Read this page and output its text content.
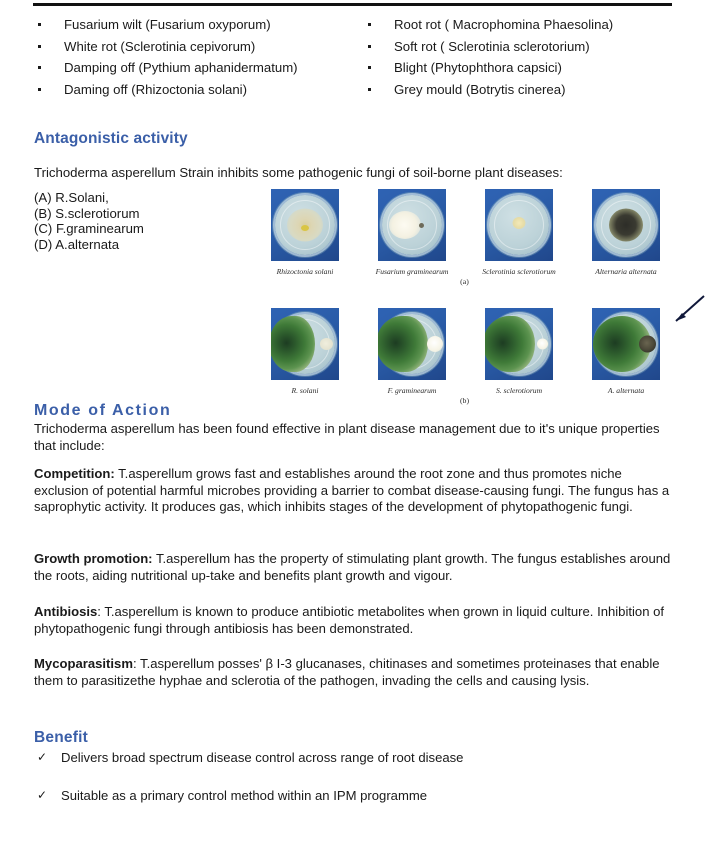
Fusarium wilt (Fusarium oxyporum)
White rot (Sclerotinia cepivorum)
Damping off (Pythium aphanidermatum)
Daming off (Rhizoctonia solani)
Root rot ( Macrophomina Phaesolina)
Soft rot ( Sclerotinia sclerotorium)
Blight (Phytophthora capsici)
Grey mould (Botrytis cinerea)
Antagonistic activity
Trichoderma asperellum Strain inhibits some pathogenic fungi of soil-borne plant diseases:
(A) R.Solani,
(B) S.sclerotiorum
(C) F.graminearum
(D) A.alternata
Rhizoctonia solani	Fusarium graminearum	Sclerotinia sclerotiorum	Alternaria alternata
(a)
R. solani	F. graminearum	S. sclerotiorum	A. alternata
(b)
Mode of Action
Trichoderma asperellum has been found effective in plant disease management due to it's unique properties that include:
Competition: T.asperellum grows fast and establishes around the root zone and thus promotes niche exclusion of potential harmful microbes providing a barrier to combat disease-causing fungi. The fungus has a saprophytic activity. It produces gas, which inhibits stages of the development of phytopathogenic fungi.
Growth promotion: T.asperellum has the property of stimulating plant growth. The fungus establishes around the roots, aiding nutritional up-take and benefits plant growth and vigour.
Antibiosis: T.asperellum is known to produce antibiotic metabolites when grown in liquid culture. Inhibition of phytopathogenic fungi through antibiosis has been demonstrated.
Mycoparasitism: T.asperellum posses' β I-3 glucanases, chitinases and sometimes proteinases that enable them to parasitizethe hyphae and sclerotia of the pathogen, invading the cells and causing lysis.
Benefit
✓ Delivers broad spectrum disease control across range of root disease
✓ Suitable as a primary control method within an IPM programme
